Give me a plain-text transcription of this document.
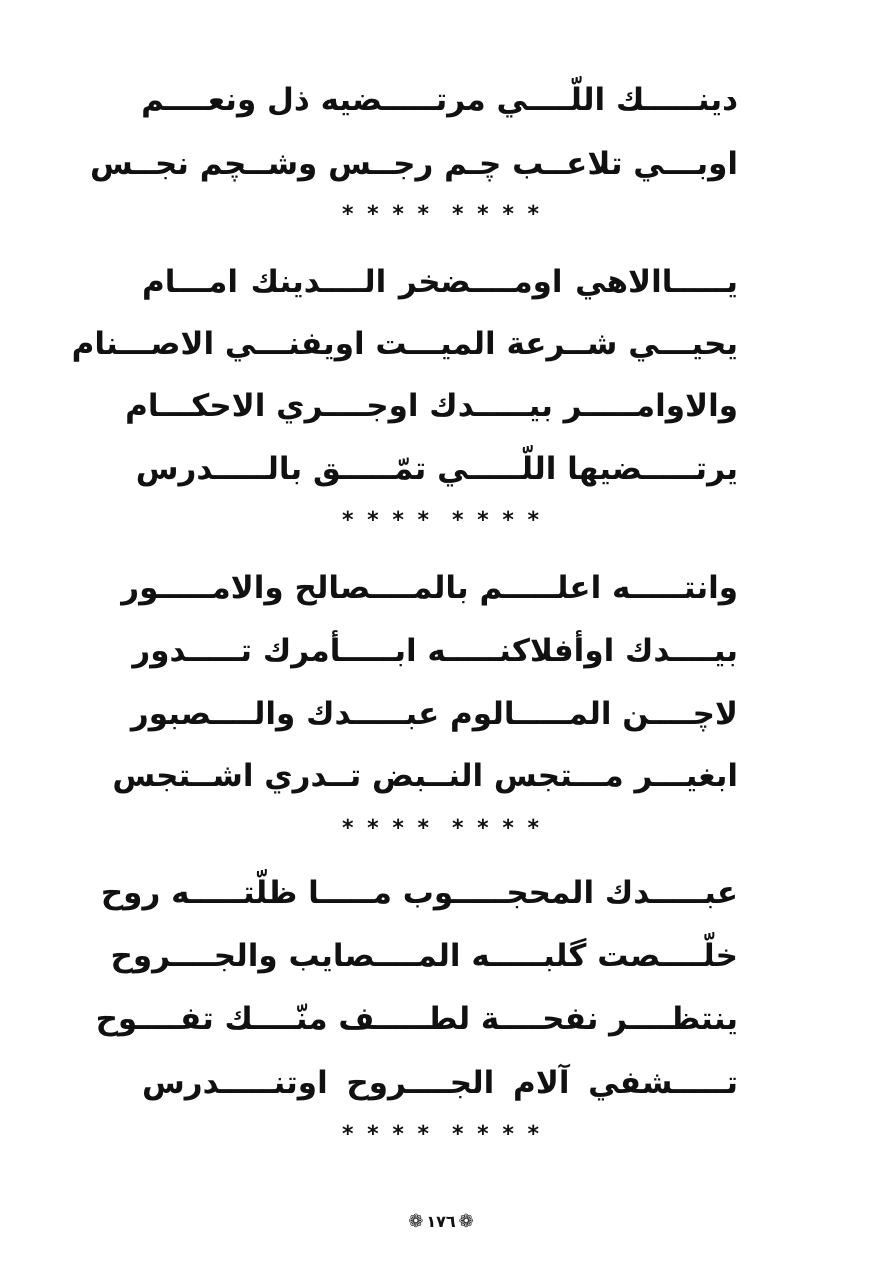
دينـــــك اللّــــي مرتـــــضيه ذل ونعــــم
اوبـــي تلاعــب چـم رجــس وشــچم نجــس
* * * * * * * *
يـــــاالاهي اومــــضخر الــــدينك امـــام
يحيـــي شــرعة الميـــت اويفنـــي الاصـــنام
والاوامـــــر بيـــــدك اوجــــري الاحكـــام
يرتـــــضيها اللّـــــي تمّـــــق بالـــــدرس
* * * * * * * *
وانتـــــه اعلـــــم بالمــــصالح والامـــــور
بيــــدك اوأفلاكنـــــه ابـــــأمرك تـــــدور
لاچــــن المـــــالوم عبـــــدك والــــصبور
ابغيـــر مـــتجس النــبض تــدري اشــتجس
* * * * * * * *
عبـــــدك المحجـــــوب مـــــا ظلّتـــــه روح
خلّــــصت گلبـــــه المــــصايب والجــــروح
ينتظــــر نفحــــة لطـــــف منّــــك تفــــوح
تـــــشفي آلام الجــــروح اوتنـــــدرس
* * * * * * * *
❁ ١٧٦ ❁
